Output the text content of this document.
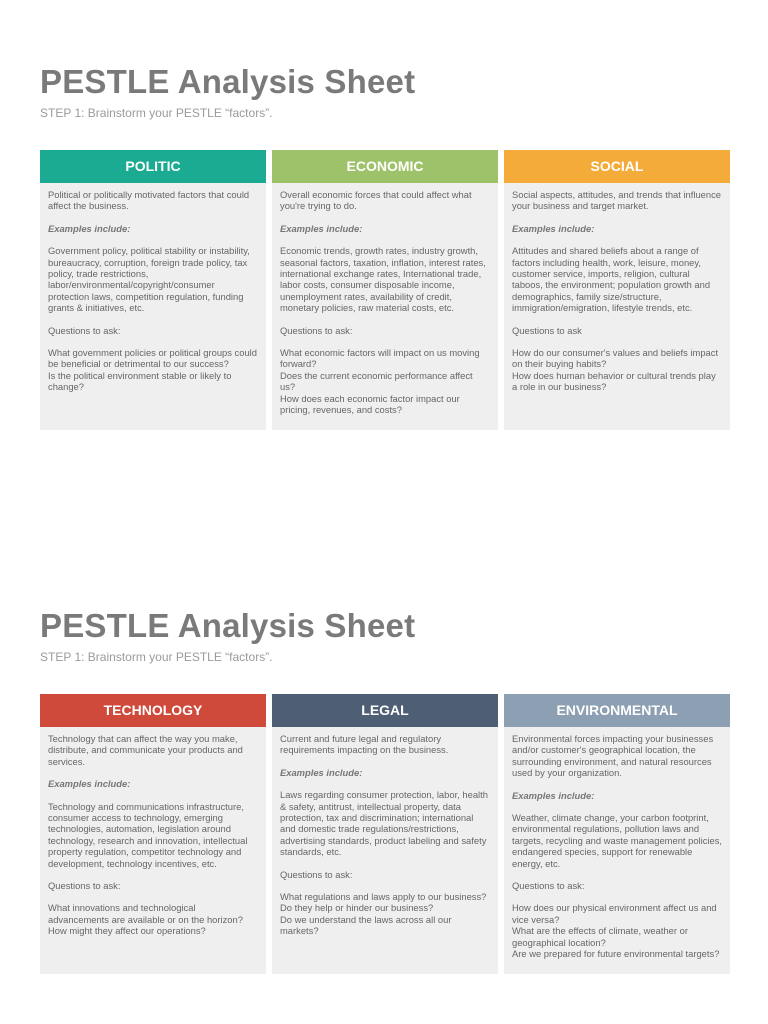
PESTLE Analysis Sheet

STEP 1: Brainstorm your PESTLE “factors”.

POLITIC

Political or politically motivated factors that could affect the business.

Examples include:

Government policy, political stability or instability, bureaucracy, corruption, foreign trade policy, tax policy, trade restrictions, labor/environmental/copyright/consumer protection laws, competition regulation, funding grants & initiatives, etc.

Questions to ask:

What government policies or political groups could be beneficial or detrimental to our success?
Is the political environment stable or likely to change?

ECONOMIC

Overall economic forces that could affect what you're trying to do.

Examples include:

Economic trends, growth rates, industry growth, seasonal factors, taxation, inflation, interest rates, international exchange rates, International trade, labor costs, consumer disposable income, unemployment rates, availability of credit, monetary policies, raw material costs, etc.

Questions to ask:

What economic factors will impact on us moving forward?
Does the current economic performance affect us?
How does each economic factor impact our pricing, revenues, and costs?

SOCIAL

Social aspects, attitudes, and trends that influence your business and target market.

Examples include:

Attitudes and shared beliefs about a range of factors including health, work, leisure, money, customer service, imports, religion, cultural taboos, the environment; population growth and demographics, family size/structure, immigration/emigration, lifestyle trends, etc.

Questions to ask

How do our consumer's values and beliefs impact on their buying habits?
How does human behavior or cultural trends play a role in our business?

PESTLE Analysis Sheet

STEP 1: Brainstorm your PESTLE “factors”.

TECHNOLOGY

Technology that can affect the way you make, distribute, and communicate your products and services.

Examples include:

Technology and communications infrastructure, consumer access to technology, emerging technologies, automation, legislation around technology, research and innovation, intellectual property regulation, competitor technology and development, technology incentives, etc.

Questions to ask:

What innovations and technological advancements are available or on the horizon?
How might they affect our operations?

LEGAL

Current and future legal and regulatory requirements impacting on the business.

Examples include:

Laws regarding consumer protection, labor, health & safety, antitrust, intellectual property, data protection, tax and discrimination; international and domestic trade regulations/restrictions, advertising standards, product labeling and safety standards, etc.

Questions to ask:

What regulations and laws apply to our business?
Do they help or hinder our business?
Do we understand the laws across all our markets?

ENVIRONMENTAL

Environmental forces impacting your businesses and/or customer's geographical location, the surrounding environment, and natural resources used by your organization.

Examples include:

Weather, climate change, your carbon footprint, environmental regulations, pollution laws and targets, recycling and waste management policies, endangered species, support for renewable energy, etc.

Questions to ask:

How does our physical environment affect us and vice versa?
What are the effects of climate, weather or geographical location?
Are we prepared for future environmental targets?
